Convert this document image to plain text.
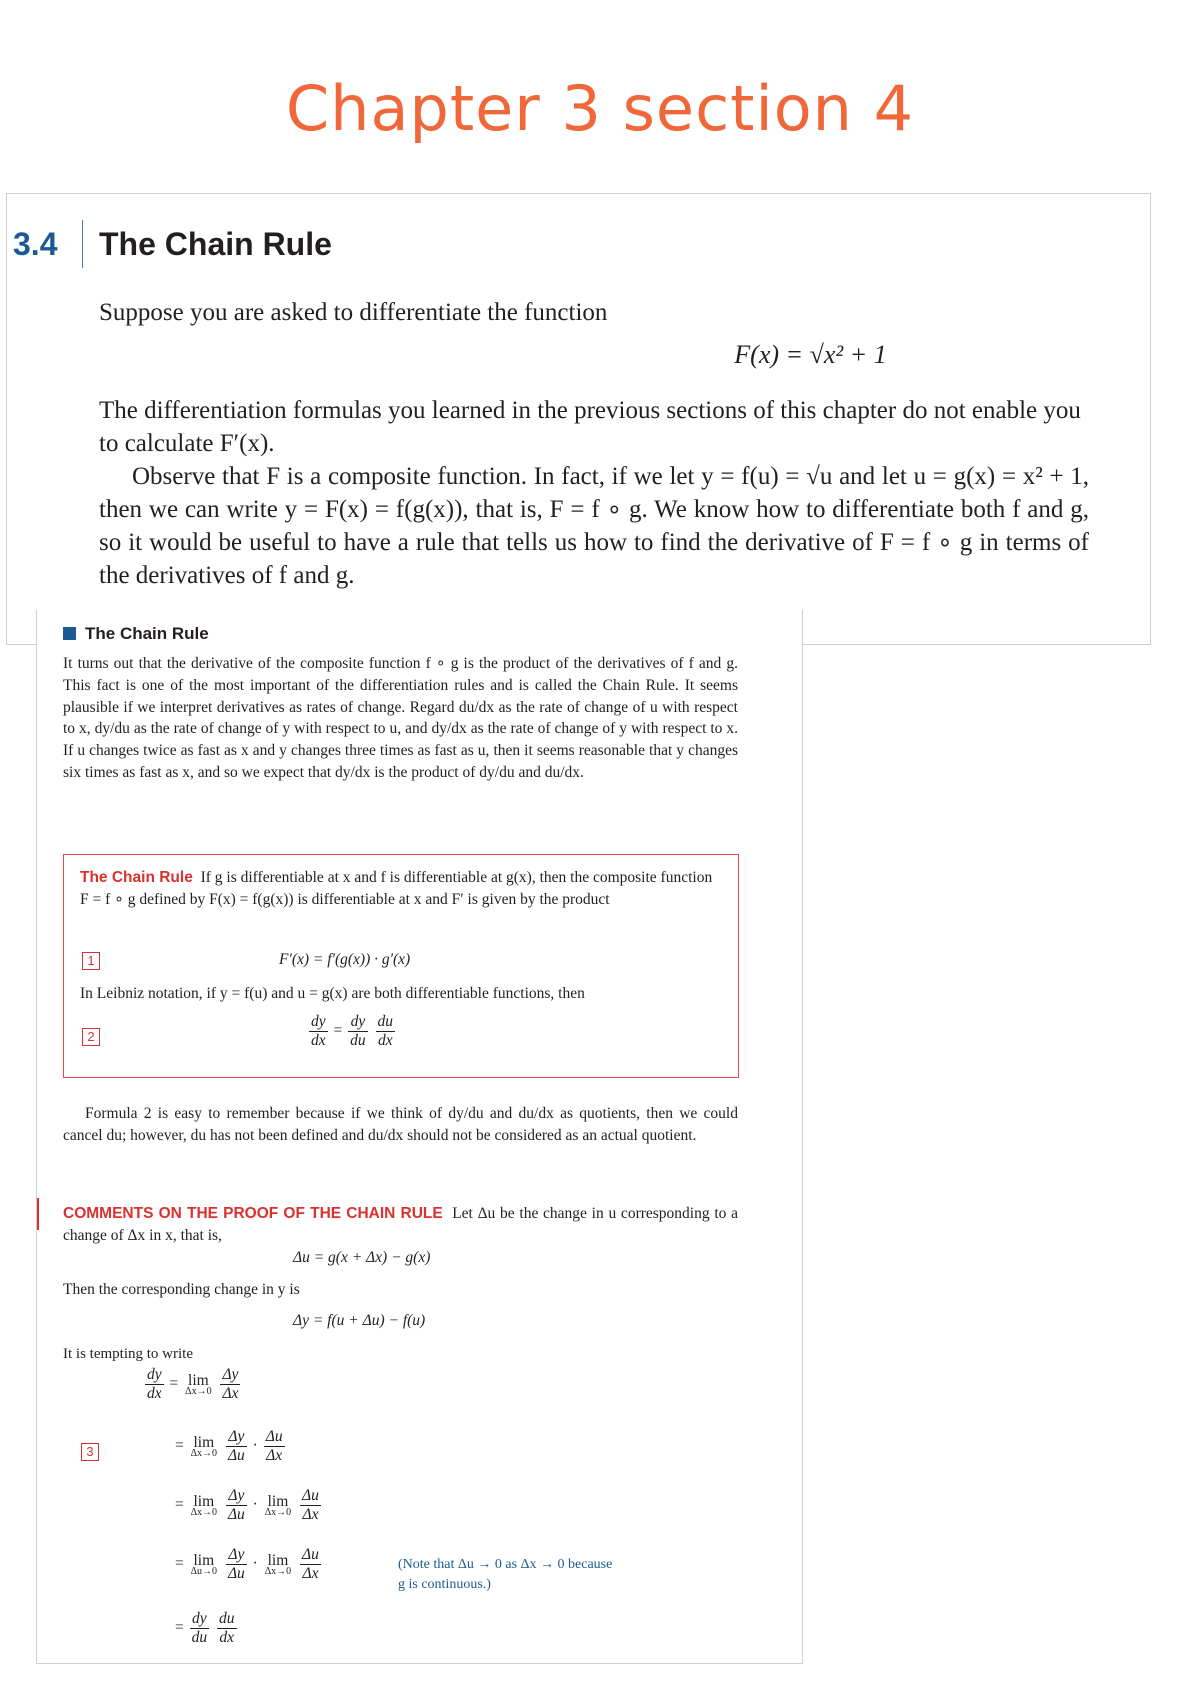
Chapter 3 section 4
3.4 The Chain Rule
Suppose you are asked to differentiate the function
F(x) = √x² + 1
The differentiation formulas you learned in the previous sections of this chapter do not enable you to calculate F′(x).
Observe that F is a composite function. In fact, if we let y = f(u) = √u and let u = g(x) = x² + 1, then we can write y = F(x) = f(g(x)), that is, F = f ∘ g. We know how to differentiate both f and g, so it would be useful to have a rule that tells us how to find the derivative of F = f ∘ g in terms of the derivatives of f and g.
The Chain Rule
It turns out that the derivative of the composite function f ∘ g is the product of the derivatives of f and g. This fact is one of the most important of the differentiation rules and is called the Chain Rule. It seems plausible if we interpret derivatives as rates of change. Regard du/dx as the rate of change of u with respect to x, dy/du as the rate of change of y with respect to u, and dy/dx as the rate of change of y with respect to x. If u changes twice as fast as x and y changes three times as fast as u, then it seems reasonable that y changes six times as fast as x, and so we expect that dy/dx is the product of dy/du and du/dx.
The Chain Rule If g is differentiable at x and f is differentiable at g(x), then the composite function F = f ∘ g defined by F(x) = f(g(x)) is differentiable at x and F′ is given by the product
1	F′(x) = f′(g(x)) · g′(x)
In Leibniz notation, if y = f(u) and u = g(x) are both differentiable functions, then
2	$\frac{dy}{dx} = \frac{dy}{du}$
$\frac{du}{dx}$
Formula 2 is easy to remember because if we think of dy/du and du/dx as quotients, then we could cancel du; however, du has not been defined and du/dx should not be considered as an actual quotient.
COMMENTS ON THE PROOF OF THE CHAIN RULE Let Δu be the change in u corresponding to a change of Δx in x, that is,
Δu = g(x + Δx) − g(x)
Then the corresponding change in y is
Δy = f(u + Δu) − f(u)
It is tempting to write
$\frac{dy}{dx} = \lim$
Δx→0
$\frac{\Delta y}{\Delta x}$
3	= lim
Δx→0
$\frac{\Delta y}{\Delta u} \cdot \frac{\Delta u}{\Delta x}$
= lim
Δx→0
$\frac{\Delta y}{\Delta u} \cdot \lim$
Δx→0
$\frac{\Delta u}{\Delta x}$
= lim
Δu→0
$\frac{\Delta y}{\Delta u} \cdot \lim$
Δx→0
$\frac{\Delta u}{\Delta x}$	(Note that Δu → 0 as Δx → 0 because g is continuous.)
= $\frac{dy}{du}$
$\frac{du}{dx}$
